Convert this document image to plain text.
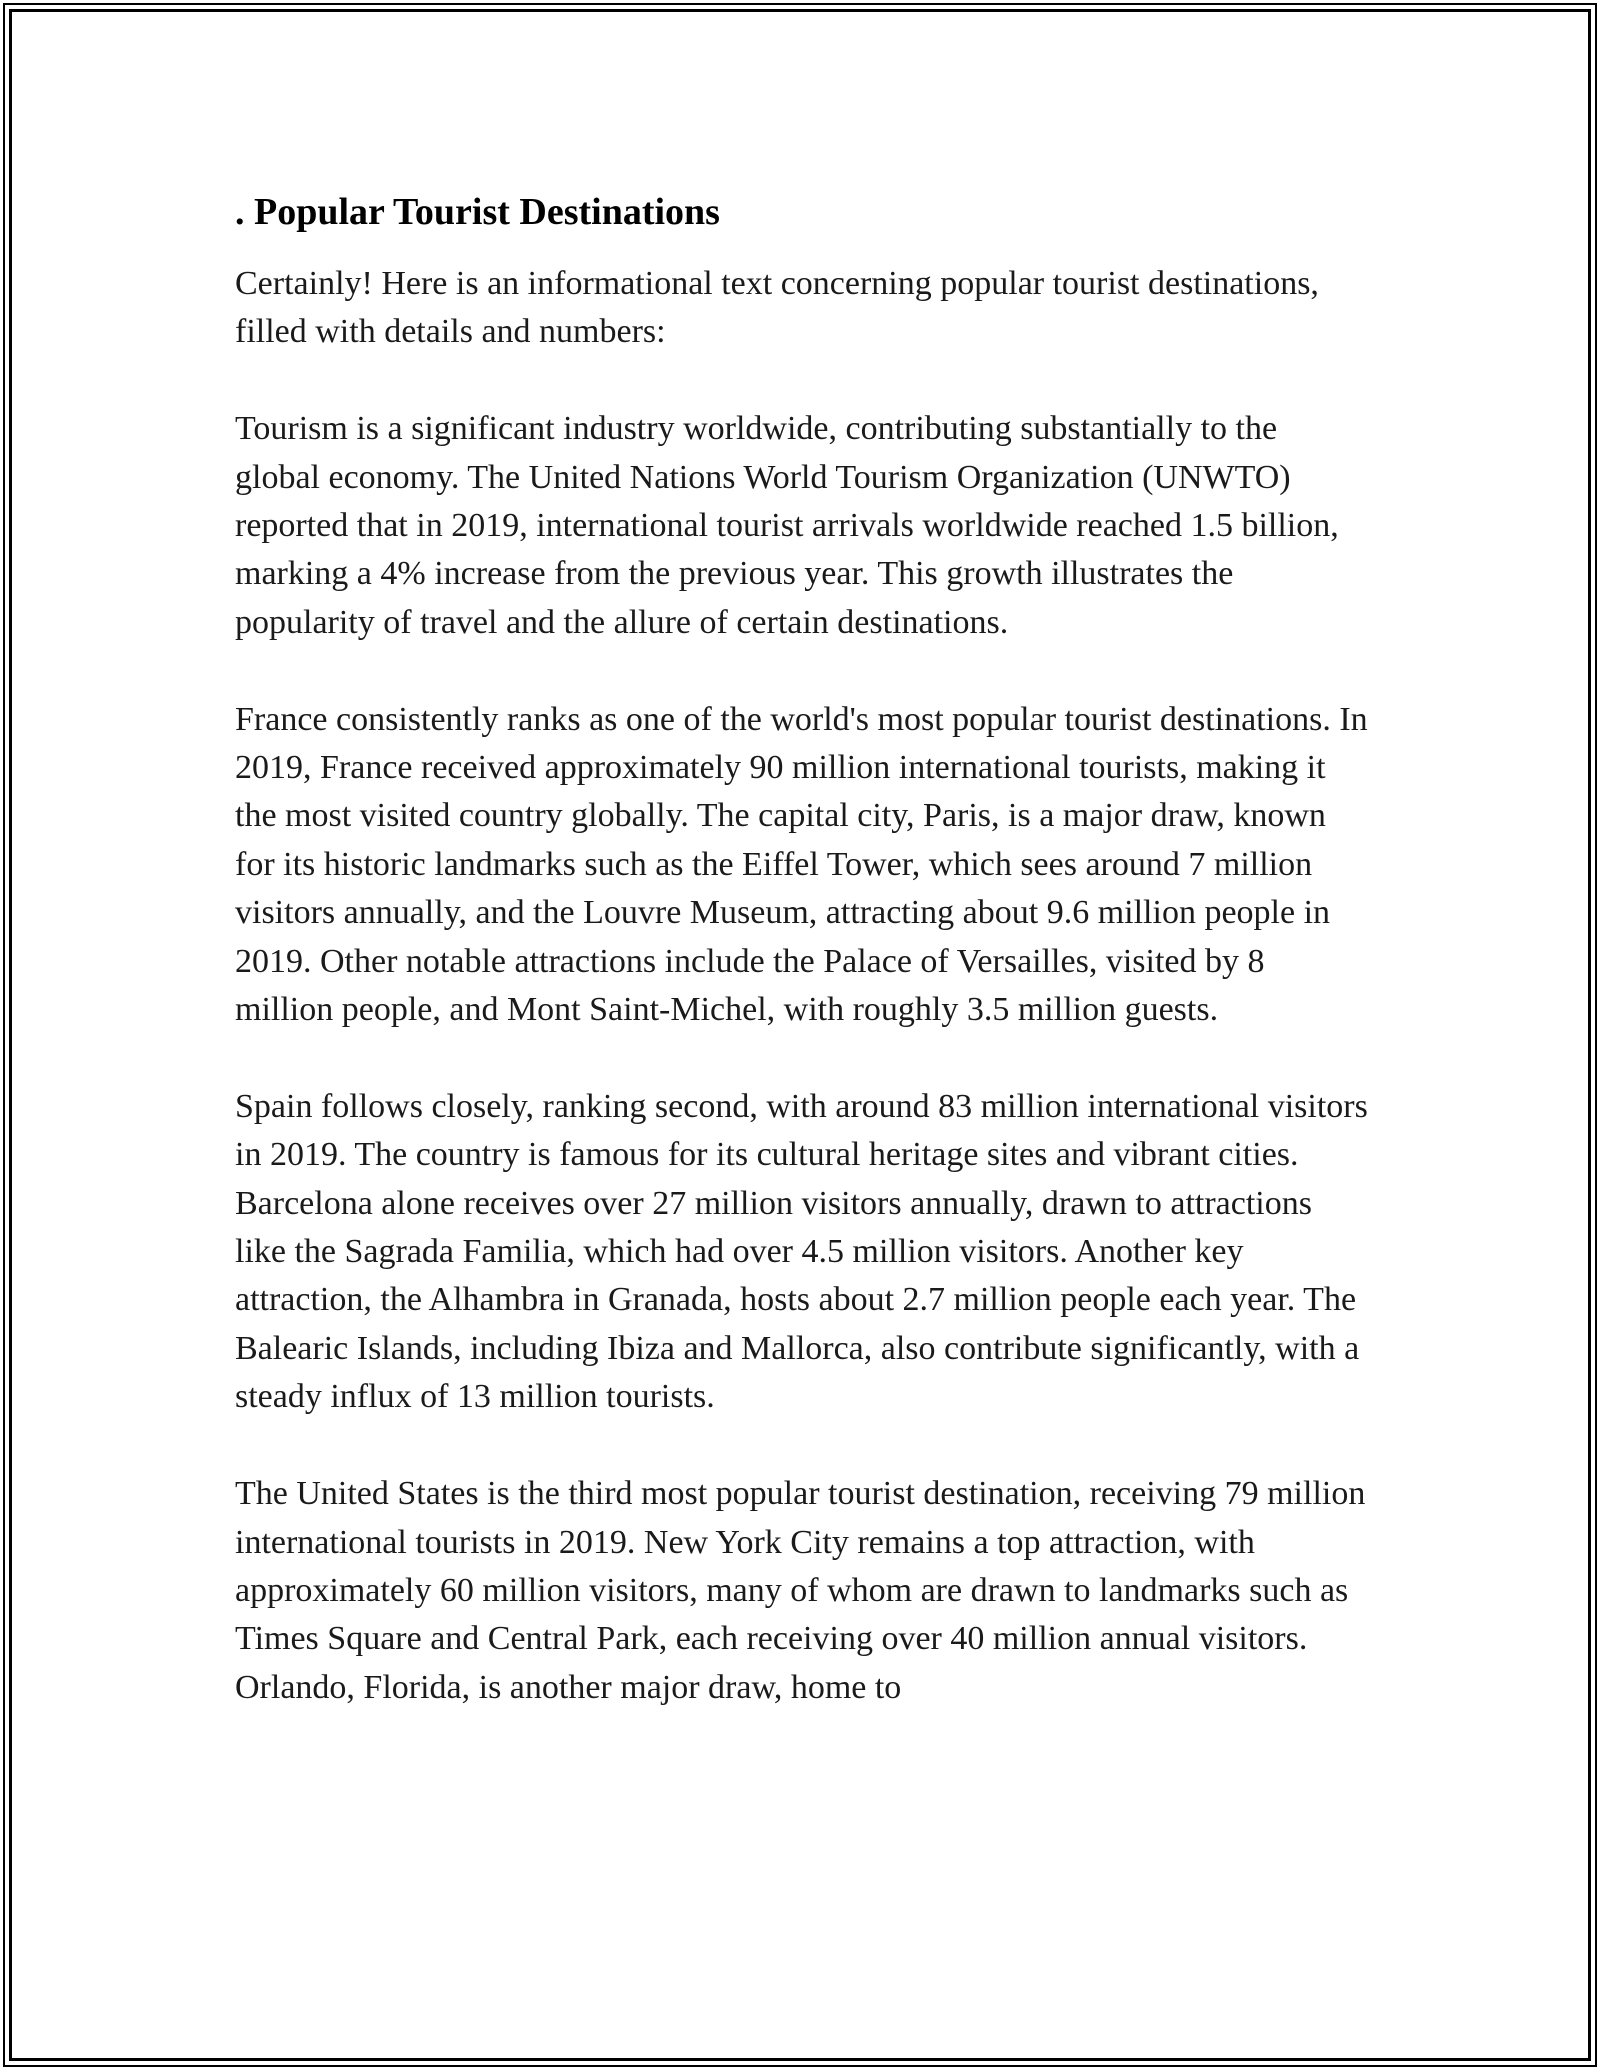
. Popular Tourist Destinations

Certainly! Here is an informational text concerning popular tourist destinations, filled with details and numbers:

Tourism is a significant industry worldwide, contributing substantially to the global economy. The United Nations World Tourism Organization (UNWTO) reported that in 2019, international tourist arrivals worldwide reached 1.5 billion, marking a 4% increase from the previous year. This growth illustrates the popularity of travel and the allure of certain destinations.

France consistently ranks as one of the world's most popular tourist destinations. In 2019, France received approximately 90 million international tourists, making it the most visited country globally. The capital city, Paris, is a major draw, known for its historic landmarks such as the Eiffel Tower, which sees around 7 million visitors annually, and the Louvre Museum, attracting about 9.6 million people in 2019. Other notable attractions include the Palace of Versailles, visited by 8 million people, and Mont Saint-Michel, with roughly 3.5 million guests.

Spain follows closely, ranking second, with around 83 million international visitors in 2019. The country is famous for its cultural heritage sites and vibrant cities. Barcelona alone receives over 27 million visitors annually, drawn to attractions like the Sagrada Familia, which had over 4.5 million visitors. Another key attraction, the Alhambra in Granada, hosts about 2.7 million people each year. The Balearic Islands, including Ibiza and Mallorca, also contribute significantly, with a steady influx of 13 million tourists.

The United States is the third most popular tourist destination, receiving 79 million international tourists in 2019. New York City remains a top attraction, with approximately 60 million visitors, many of whom are drawn to landmarks such as Times Square and Central Park, each receiving over 40 million annual visitors. Orlando, Florida, is another major draw, home to
